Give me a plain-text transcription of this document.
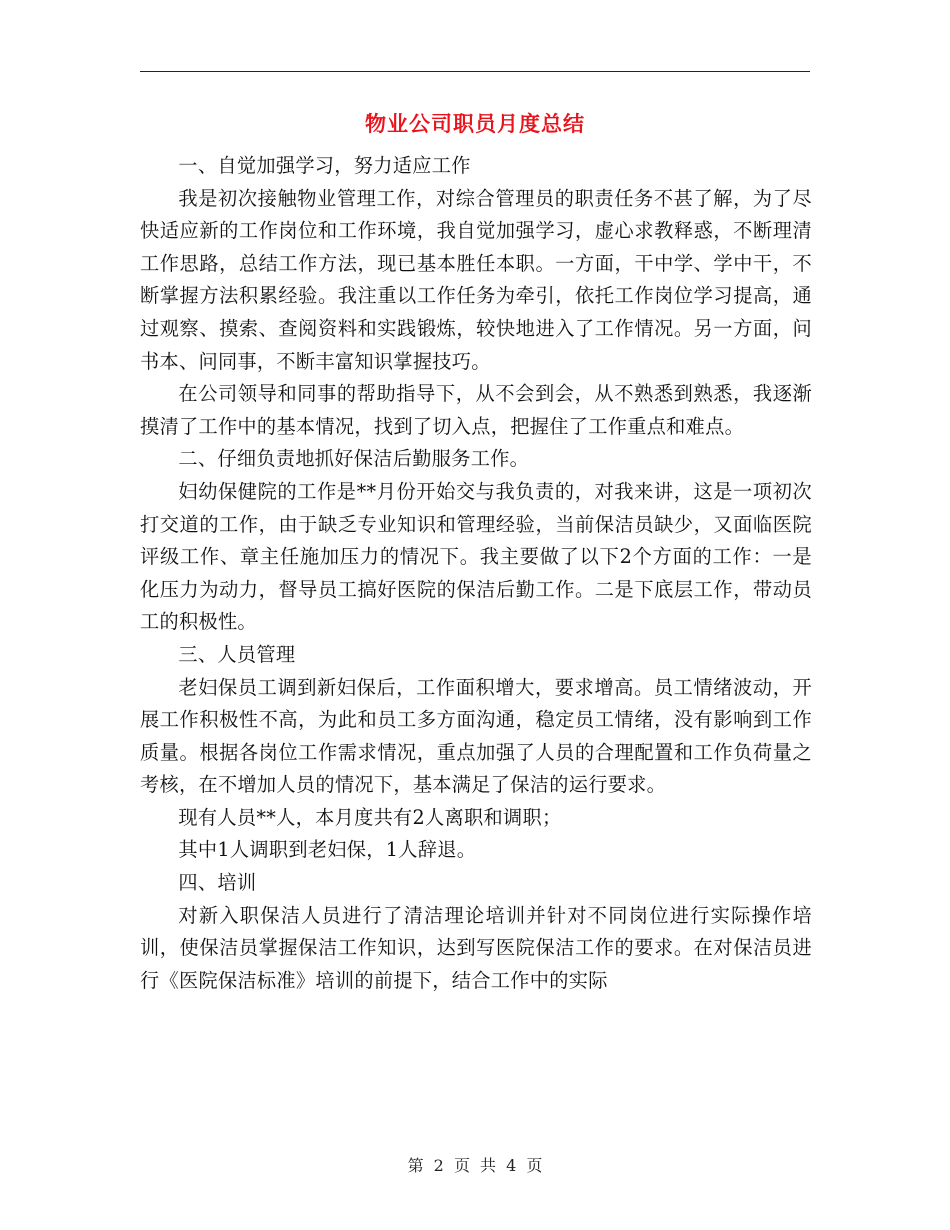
物业公司职员月度总结

一、自觉加强学习，努力适应工作

我是初次接触物业管理工作，对综合管理员的职责任务不甚了解，为了尽快适应新的工作岗位和工作环境，我自觉加强学习，虚心求教释惑，不断理清工作思路，总结工作方法，现已基本胜任本职。一方面，干中学、学中干，不断掌握方法积累经验。我注重以工作任务为牵引，依托工作岗位学习提高，通过观察、摸索、查阅资料和实践锻炼，较快地进入了工作情况。另一方面，问书本、问同事，不断丰富知识掌握技巧。

在公司领导和同事的帮助指导下，从不会到会，从不熟悉到熟悉，我逐渐摸清了工作中的基本情况，找到了切入点，把握住了工作重点和难点。

二、仔细负责地抓好保洁后勤服务工作。

妇幼保健院的工作是**月份开始交与我负责的，对我来讲，这是一项初次打交道的工作，由于缺乏专业知识和管理经验，当前保洁员缺少，又面临医院评级工作、章主任施加压力的情况下。我主要做了以下2个方面的工作：一是化压力为动力，督导员工搞好医院的保洁后勤工作。二是下底层工作，带动员工的积极性。

三、人员管理

老妇保员工调到新妇保后，工作面积增大，要求增高。员工情绪波动，开展工作积极性不高，为此和员工多方面沟通，稳定员工情绪，没有影响到工作质量。根据各岗位工作需求情况，重点加强了人员的合理配置和工作负荷量之考核，在不增加人员的情况下，基本满足了保洁的运行要求。

现有人员**人，本月度共有2人离职和调职；

其中1人调职到老妇保，1人辞退。

四、培训

对新入职保洁人员进行了清洁理论培训并针对不同岗位进行实际操作培训，使保洁员掌握保洁工作知识，达到写医院保洁工作的要求。在对保洁员进行《医院保洁标准》培训的前提下，结合工作中的实际

第 2 页 共 4 页
